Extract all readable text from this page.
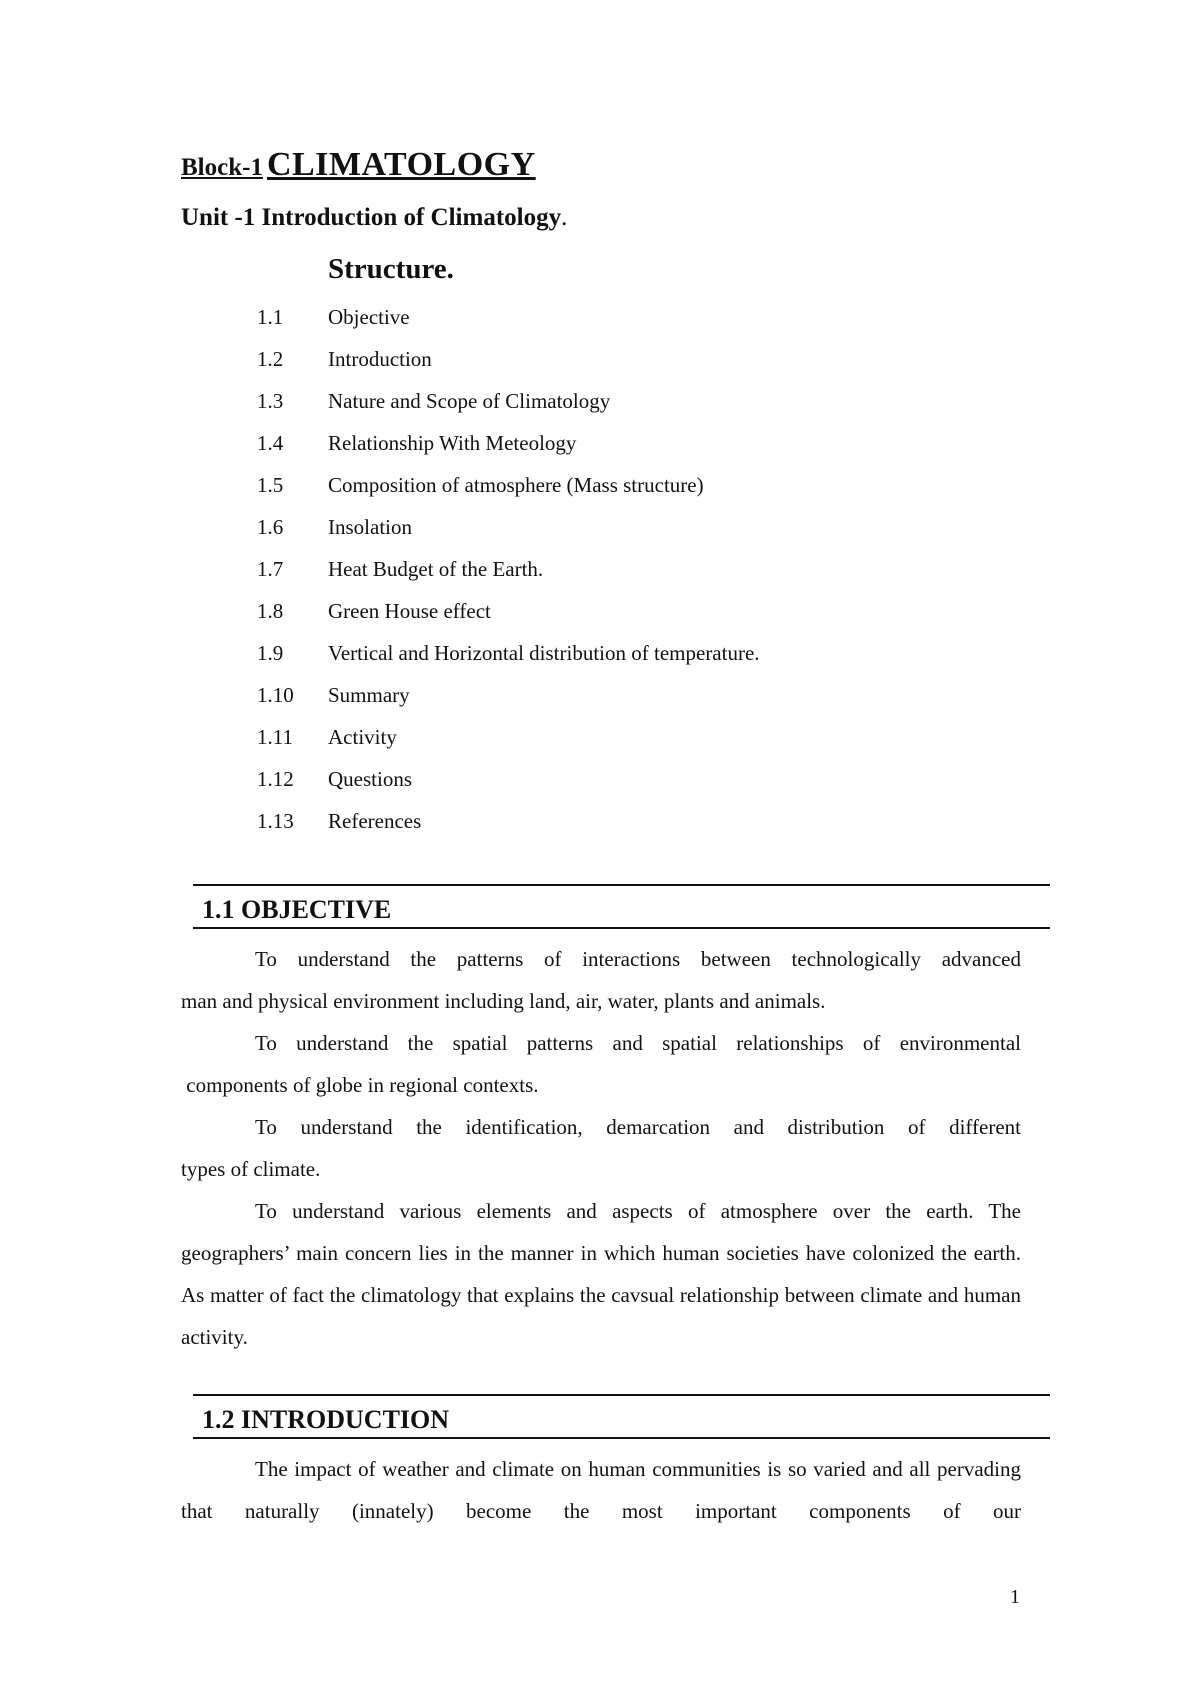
Block-1 CLIMATOLOGY
Unit -1 Introduction of Climatology.
Structure.
1.1	Objective
1.2	Introduction
1.3	Nature and Scope of Climatology
1.4	Relationship With Meteology
1.5	Composition of atmosphere (Mass structure)
1.6	Insolation
1.7	Heat Budget of the Earth.
1.8	Green House effect
1.9	Vertical and Horizontal distribution of temperature.
1.10	Summary
1.11	Activity
1.12	Questions
1.13	References
1.1 OBJECTIVE

To understand the patterns of interactions between technologically advanced

man and physical environment including land, air, water, plants and animals.

To understand the spatial patterns and spatial relationships of environmental

components of globe in regional contexts.

To understand the identification, demarcation and distribution of different

types of climate.

To understand various elements and aspects of atmosphere over the earth. The geographers’ main concern lies in the manner in which human societies have colonized the earth. As matter of fact the climatology that explains the cavsual relationship between climate and human activity.

1.2 INTRODUCTION

The impact of weather and climate on human communities is so varied and all pervading that naturally (innately) become the most important components of our

1
